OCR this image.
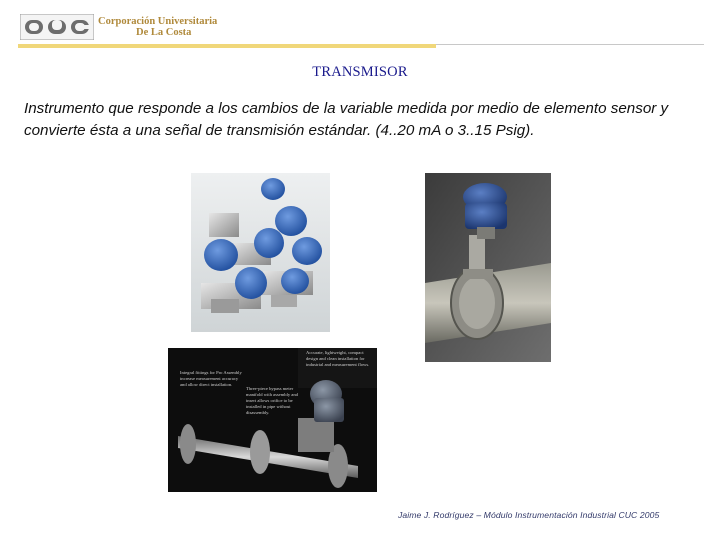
Corporación Universitaria
De La Costa
TRANSMISOR

Instrumento que responde a los cambios de la variable medida por medio de elemento sensor y convierte ésta a una señal de transmisión estándar. (4..20 mA o 3..15 Psig).

Integral fittings for Pro Assembly increase measurement accuracy and allow direct installation.
Three-piece bypass meter manifold with assembly and insert allows orifice to be installed in pipe without disassembly.
Accurate, lightweight, compact design and clean installation for industrial and measurement flows.
Jaime J. Rodríguez – Módulo Instrumentación Industrial CUC 2005
